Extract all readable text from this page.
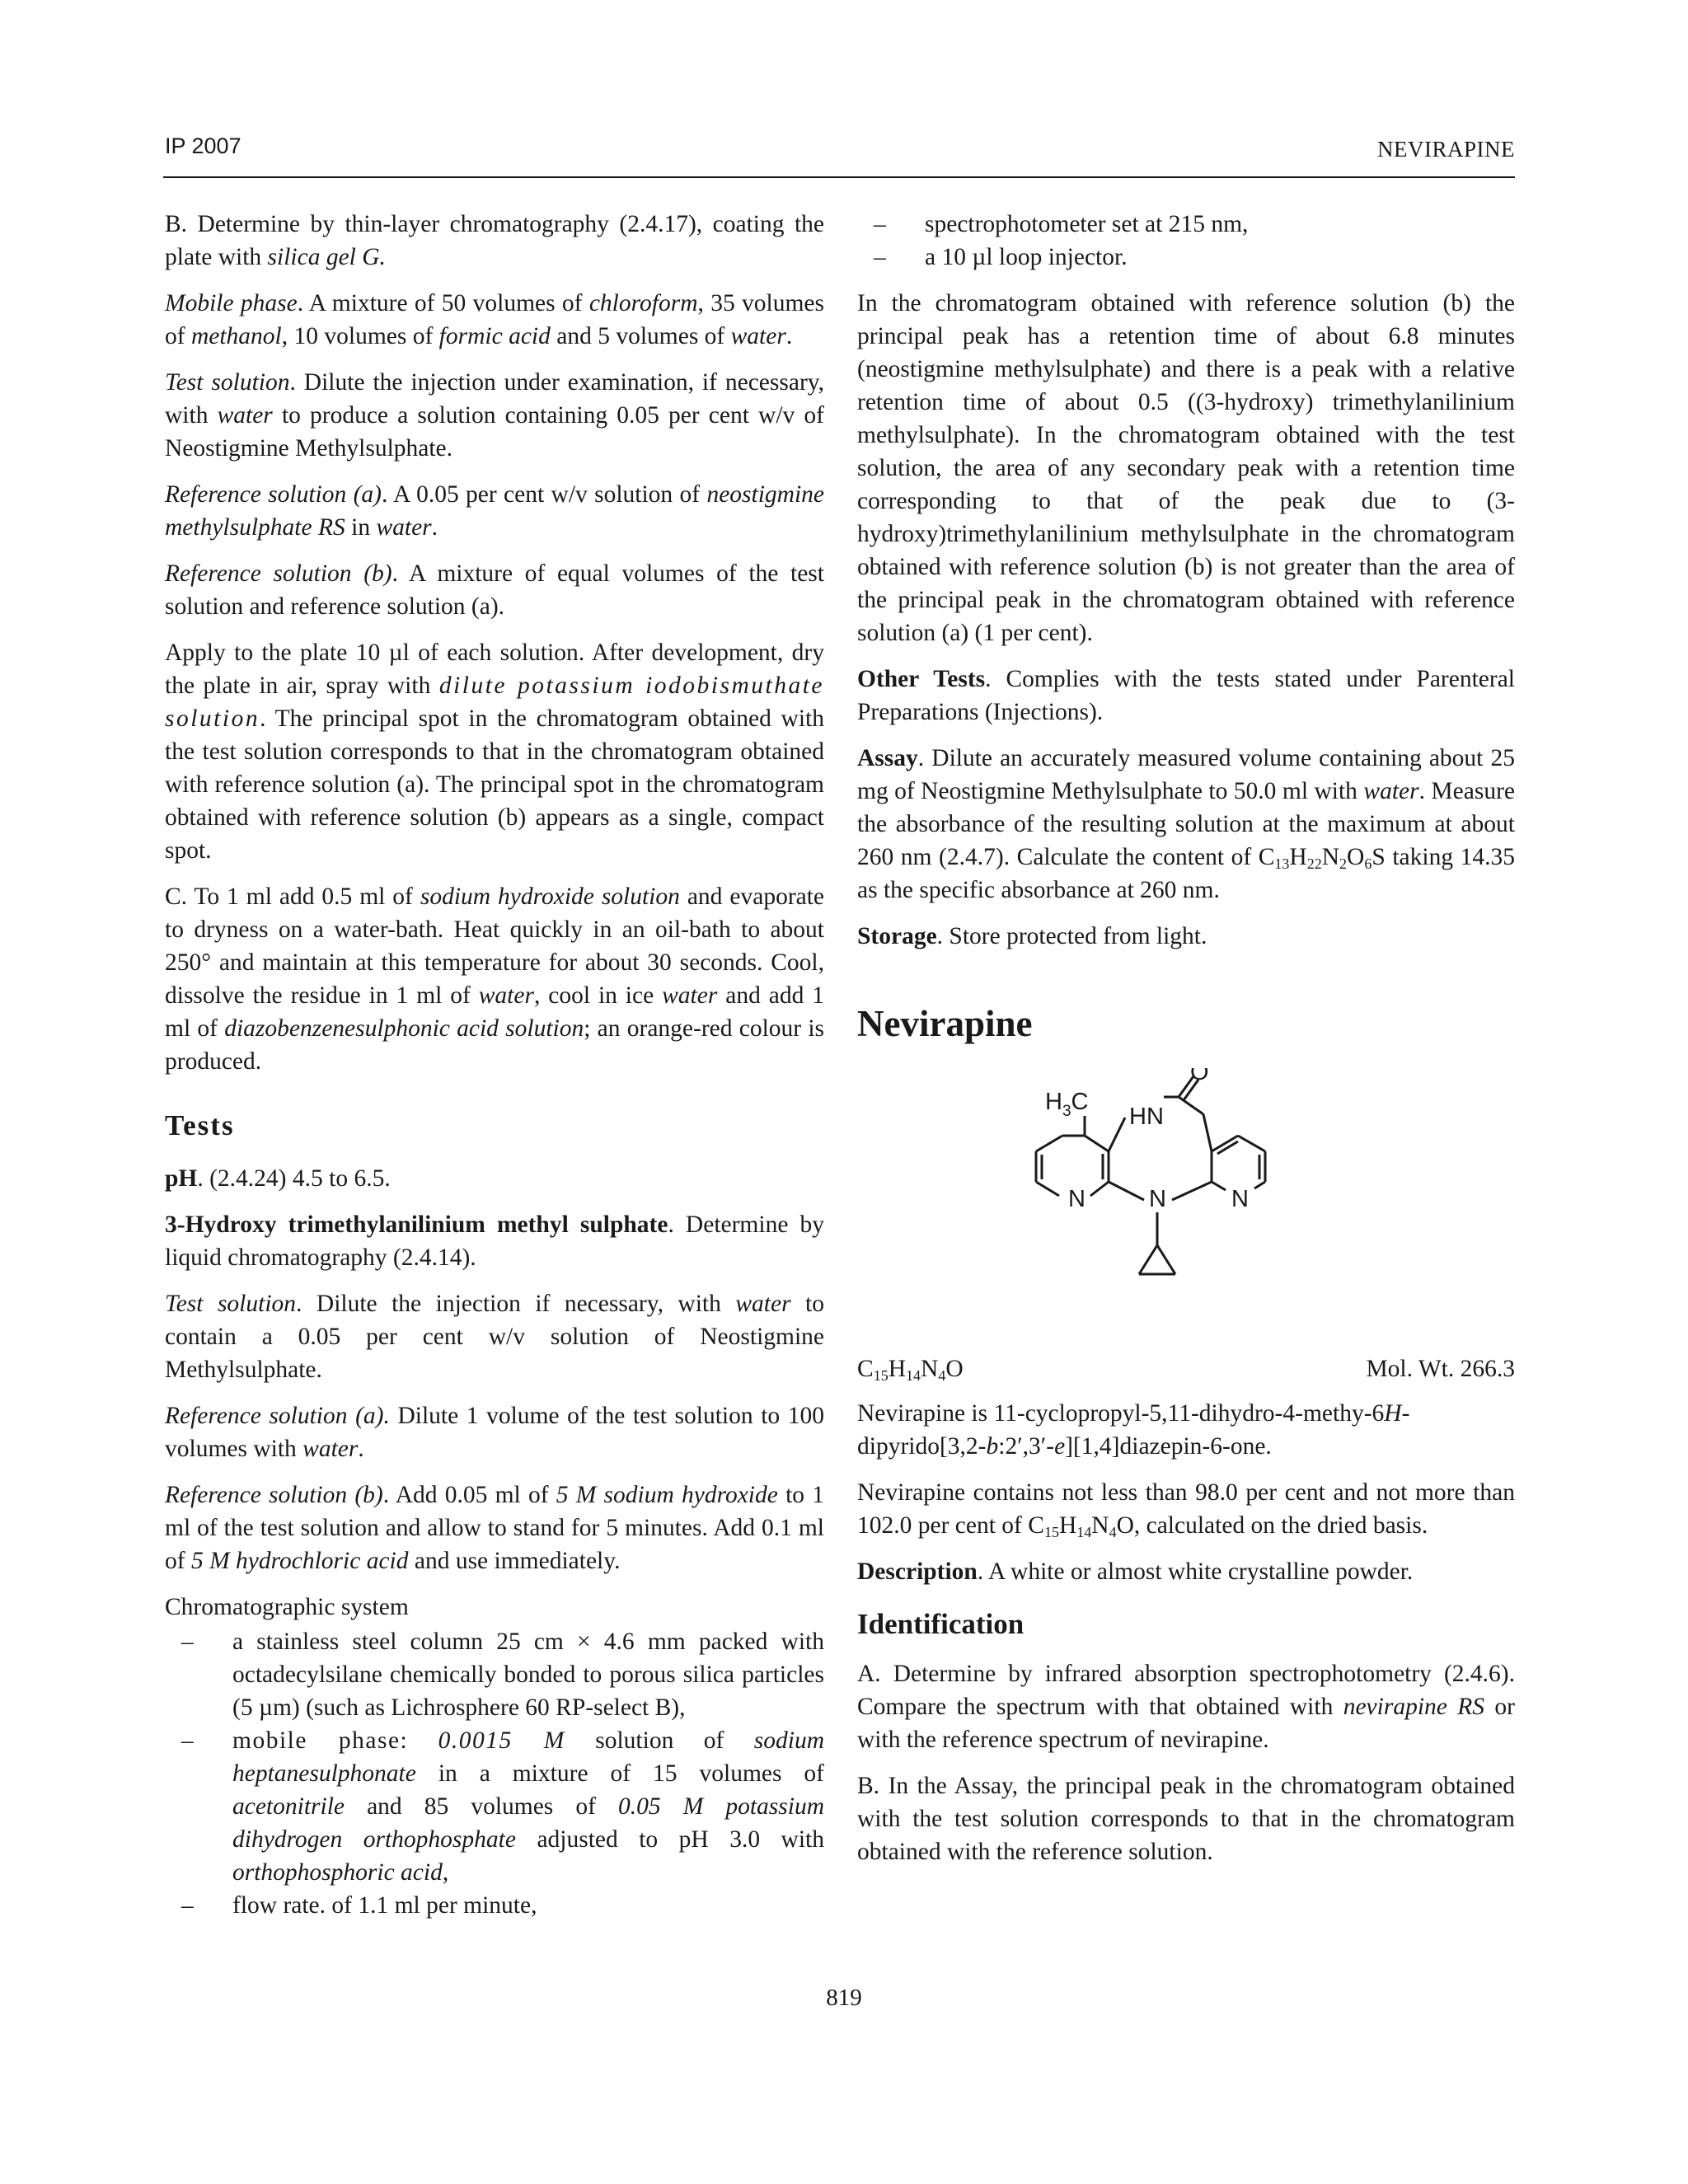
IP 2007	NEVIRAPINE

B. Determine by thin-layer chromatography (2.4.17), coating the plate with silica gel G.

Mobile phase. A mixture of 50 volumes of chloroform, 35 volumes of methanol, 10 volumes of formic acid and 5 volumes of water.

Test solution. Dilute the injection under examination, if necessary, with water to produce a solution containing 0.05 per cent w/v of Neostigmine Methylsulphate.

Reference solution (a). A 0.05 per cent w/v solution of neostigmine methylsulphate RS in water.

Reference solution (b). A mixture of equal volumes of the test solution and reference solution (a).

Apply to the plate 10 µl of each solution. After development, dry the plate in air, spray with dilute potassium iodobismuthate solution. The principal spot in the chromatogram obtained with the test solution corresponds to that in the chromatogram obtained with reference solution (a). The principal spot in the chromatogram obtained with reference solution (b) appears as a single, compact spot.

C. To 1 ml add 0.5 ml of sodium hydroxide solution and evaporate to dryness on a water-bath. Heat quickly in an oil-bath to about 250° and maintain at this temperature for about 30 seconds. Cool, dissolve the residue in 1 ml of water, cool in ice water and add 1 ml of diazobenzenesulphonic acid solution; an orange-red colour is produced.

Tests

pH. (2.4.24) 4.5 to 6.5.

3-Hydroxy trimethylanilinium methyl sulphate. Determine by liquid chromatography (2.4.14).

Test solution. Dilute the injection if necessary, with water to contain a 0.05 per cent w/v solution of Neostigmine Methylsulphate.

Reference solution (a). Dilute 1 volume of the test solution to 100 volumes with water.

Reference solution (b). Add 0.05 ml of 5 M sodium hydroxide to 1 ml of the test solution and allow to stand for 5 minutes. Add 0.1 ml of 5 M hydrochloric acid and use immediately.

Chromatographic system
– a stainless steel column 25 cm × 4.6 mm packed with octadecylsilane chemically bonded to porous silica particles (5 µm) (such as Lichrosphere 60 RP-select B),
– mobile phase: 0.0015 M solution of sodium heptanesulphonate in a mixture of 15 volumes of acetonitrile and 85 volumes of 0.05 M potassium dihydrogen orthophosphate adjusted to pH 3.0 with orthophosphoric acid,
– flow rate. of 1.1 ml per minute,
– spectrophotometer set at 215 nm,
– a 10 µl loop injector.

In the chromatogram obtained with reference solution (b) the principal peak has a retention time of about 6.8 minutes (neostigmine methylsulphate) and there is a peak with a relative retention time of about 0.5 ((3-hydroxy) trimethylanilinium methylsulphate). In the chromatogram obtained with the test solution, the area of any secondary peak with a retention time corresponding to that of the peak due to (3-hydroxy)trimethylanilinium methylsulphate in the chromatogram obtained with reference solution (b) is not greater than the area of the principal peak in the chromatogram obtained with reference solution (a) (1 per cent).

Other Tests. Complies with the tests stated under Parenteral Preparations (Injections).

Assay. Dilute an accurately measured volume containing about 25 mg of Neostigmine Methylsulphate to 50.0 ml with water. Measure the absorbance of the resulting solution at the maximum at about 260 nm (2.4.7). Calculate the content of $C_{13}H_{22}N_2O_6S$ taking 14.35 as the specific absorbance at 260 nm.

Storage. Store protected from light.

Nevirapine
$H_3C$
HN
O
N	N	N
$C_{15}H_{14}N_4O$	Mol. Wt. 266.3

Nevirapine is 11-cyclopropyl-5,11-dihydro-4-methy-6H-dipyrido[3,2-b:2′,3′-e][1,4]diazepin-6-one.

Nevirapine contains not less than 98.0 per cent and not more than 102.0 per cent of $C_{15}H_{14}N_4O$, calculated on the dried basis.

Description. A white or almost white crystalline powder.

Identification

A. Determine by infrared absorption spectrophotometry (2.4.6). Compare the spectrum with that obtained with nevirapine RS or with the reference spectrum of nevirapine.

B. In the Assay, the principal peak in the chromatogram obtained with the test solution corresponds to that in the chromatogram obtained with the reference solution.

819
